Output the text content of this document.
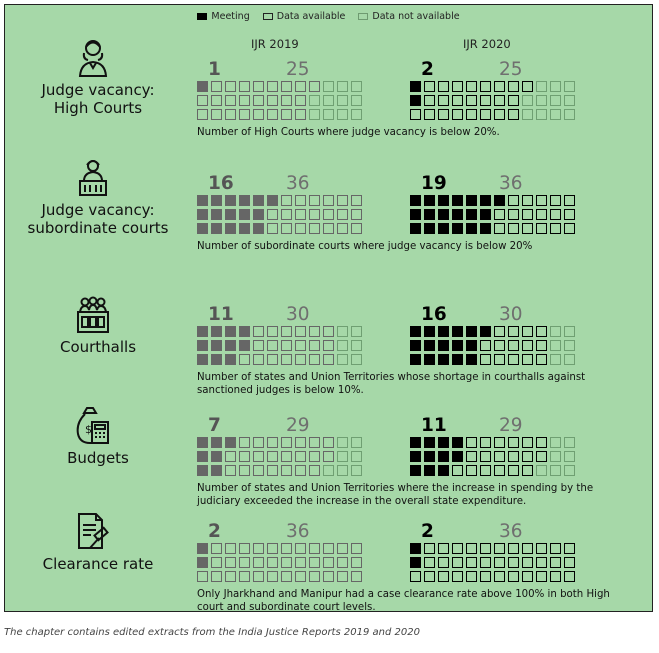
Meeting
	Data available
	Data not available
IJR 2019	IJR 2020
Judge vacancy:
High Courts
1	25	2	25
Number of High Courts where judge vacancy is below 20%.
Judge vacancy:
subordinate courts
16	36	19	36
Number of subordinate courts where judge vacancy is below 20%
Courthalls
11	30	16	30
Number of states and Union Territories whose shortage in courthalls against sanctioned judges is below 10%.
Budgets
$	7	29	11	29
Number of states and Union Territories where the increase in spending by the judiciary exceeded the increase in the overall state expenditure.
Clearance rate
2	36	2	36
Only Jharkhand and Manipur had a case clearance rate above 100% in both High court and subordinate court levels.
The chapter contains edited extracts from the India Justice Reports 2019 and 2020
